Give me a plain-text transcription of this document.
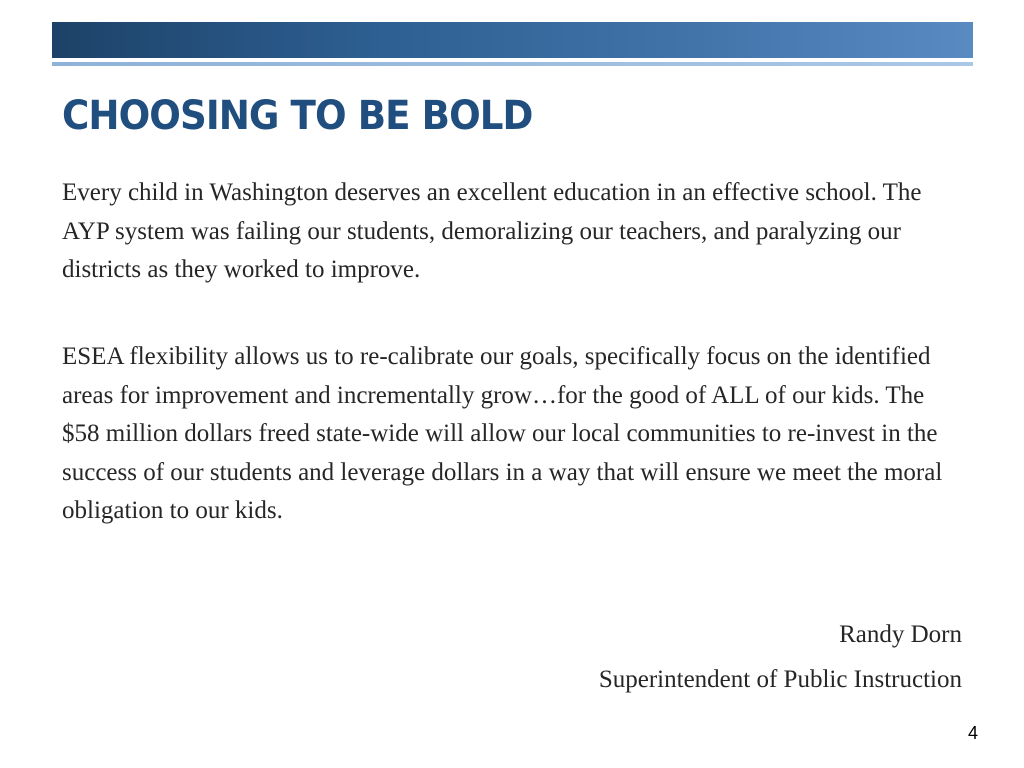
CHOOSING TO BE BOLD

Every child in Washington deserves an excellent education in an effective school. The AYP system was failing our students, demoralizing our teachers, and paralyzing our districts as they worked to improve.

ESEA flexibility allows us to re-calibrate our goals, specifically focus on the identified areas for improvement and incrementally grow…for the good of ALL of our kids. The $58 million dollars freed state-wide will allow our local communities to re-invest in the success of our students and leverage dollars in a way that will ensure we meet the moral obligation to our kids.

Randy Dorn

Superintendent of Public Instruction

4
